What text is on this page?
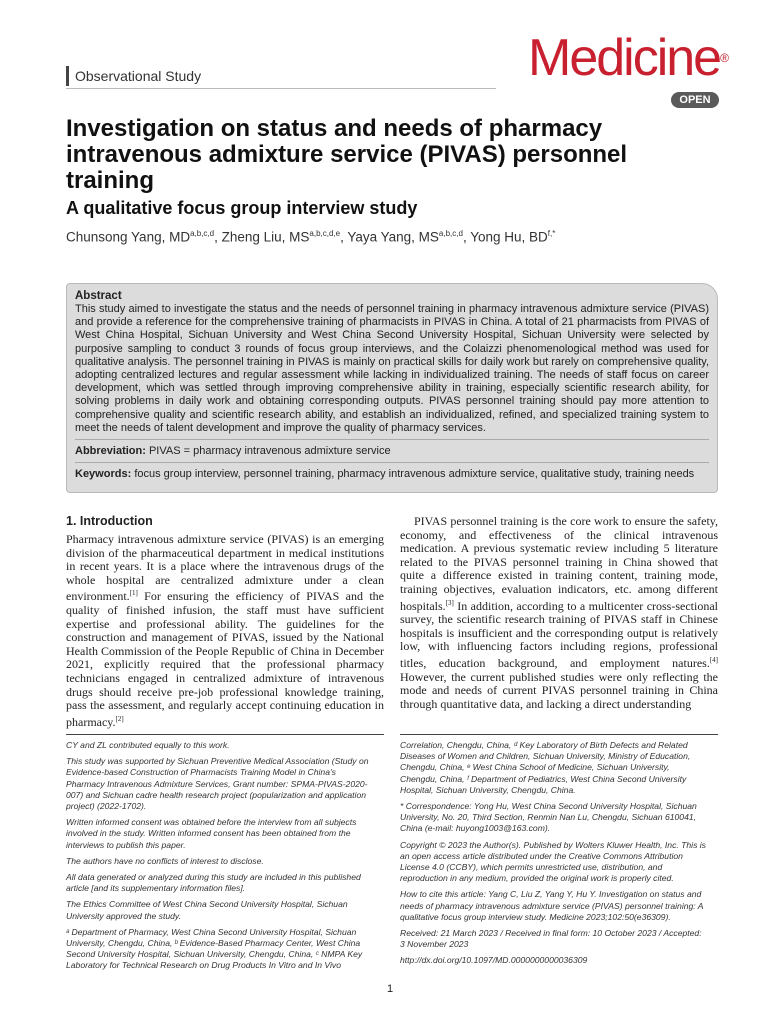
Observational Study	Medicine®
OPEN
Investigation on status and needs of pharmacy intravenous admixture service (PIVAS) personnel training
A qualitative focus group interview study
Chunsong Yang, MD$^{a,b,c,d}$, Zheng Liu, MS$^{a,b,c,d,e}$, Yaya Yang, MS$^{a,b,c,d}$, Yong Hu, $BD^{f,*}$
Abstract
This study aimed to investigate the status and the needs of personnel training in pharmacy intravenous admixture service (PIVAS) and provide a reference for the comprehensive training of pharmacists in PIVAS in China. A total of 21 pharmacists from PIVAS of West China Hospital, Sichuan University and West China Second University Hospital, Sichuan University were selected by purposive sampling to conduct 3 rounds of focus group interviews, and the Colaizzi phenomenological method was used for qualitative analysis. The personnel training in PIVAS is mainly on practical skills for daily work but rarely on comprehensive quality, adopting centralized lectures and regular assessment while lacking in individualized training. The needs of staff focus on career development, which was settled through improving comprehensive ability in training, especially scientific research ability, for solving problems in daily work and obtaining corresponding outputs. PIVAS personnel training should pay more attention to comprehensive quality and scientific research ability, and establish an individualized, refined, and specialized training system to meet the needs of talent development and improve the quality of pharmacy services.
Abbreviation: PIVAS = pharmacy intravenous admixture service
Keywords: focus group interview, personnel training, pharmacy intravenous admixture service, qualitative study, training needs
1. Introduction
Pharmacy intravenous admixture service (PIVAS) is an emerging division of the pharmaceutical department in medical institutions in recent years. It is a place where the intravenous drugs of the whole hospital are centralized admixture under a clean environment.[1] For ensuring the efficiency of PIVAS and the quality of finished infusion, the staff must have sufficient expertise and professional ability. The guidelines for the construction and management of PIVAS, issued by the National Health Commission of the People Republic of China in December 2021, explicitly required that the professional pharmacy technicians engaged in centralized admixture of intravenous drugs should receive pre-job professional knowledge training, pass the assessment, and regularly accept continuing education in pharmacy.[2]
PIVAS personnel training is the core work to ensure the safety, economy, and effectiveness of the clinical intravenous medication. A previous systematic review including 5 literature related to the PIVAS personnel training in China showed that quite a difference existed in training content, training mode, training objectives, evaluation indicators, etc. among different hospitals.[3] In addition, according to a multicenter cross-sectional survey, the scientific research training of PIVAS staff in Chinese hospitals is insufficient and the corresponding output is relatively low, with influencing factors including regions, professional titles, education background, and employment natures.[4] However, the current published studies were only reflecting the mode and needs of current PIVAS personnel training in China through quantitative data, and lacking a direct understanding

CY and ZL contributed equally to this work.

This study was supported by Sichuan Preventive Medical Association (Study on Evidence-based Construction of Pharmacists Training Model in China's Pharmacy Intravenous Admixture Services, Grant number: SPMA-PIVAS-2020-007) and Sichuan cadre health research project (popularization and application project) (2022-1702).

Written informed consent was obtained before the interview from all subjects involved in the study. Written informed consent has been obtained from the interviews to publish this paper.

The authors have no conflicts of interest to disclose.

All data generated or analyzed during this study are included in this published article [and its supplementary information files].

The Ethics Committee of West China Second University Hospital, Sichuan University approved the study.

ᵃ Department of Pharmacy, West China Second University Hospital, Sichuan University, Chengdu, China, ᵇ Evidence-Based Pharmacy Center, West China Second University Hospital, Sichuan University, Chengdu, China, ᶜ NMPA Key Laboratory for Technical Research on Drug Products In Vitro and In Vivo

Correlation, Chengdu, China, ᵈ Key Laboratory of Birth Defects and Related Diseases of Women and Children, Sichuan University, Ministry of Education, Chengdu, China, ᵉ West China School of Medicine, Sichuan University, Chengdu, China, ᶠ Department of Pediatrics, West China Second University Hospital, Sichuan University, Chengdu, China.

* Correspondence: Yong Hu, West China Second University Hospital, Sichuan University, No. 20, Third Section, Renmin Nan Lu, Chengdu, Sichuan 610041, China (e-mail: huyong1003@163.com).

Copyright © 2023 the Author(s). Published by Wolters Kluwer Health, Inc. This is an open access article distributed under the Creative Commons Attribution License 4.0 (CCBY), which permits unrestricted use, distribution, and reproduction in any medium, provided the original work is properly cited.

How to cite this article: Yang C, Liu Z, Yang Y, Hu Y. Investigation on status and needs of pharmacy intravenous admixture service (PIVAS) personnel training: A qualitative focus group interview study. Medicine 2023;102:50(e36309).

Received: 21 March 2023 / Received in final form: 10 October 2023 / Accepted: 3 November 2023

http://dx.doi.org/10.1097/MD.0000000000036309

1
